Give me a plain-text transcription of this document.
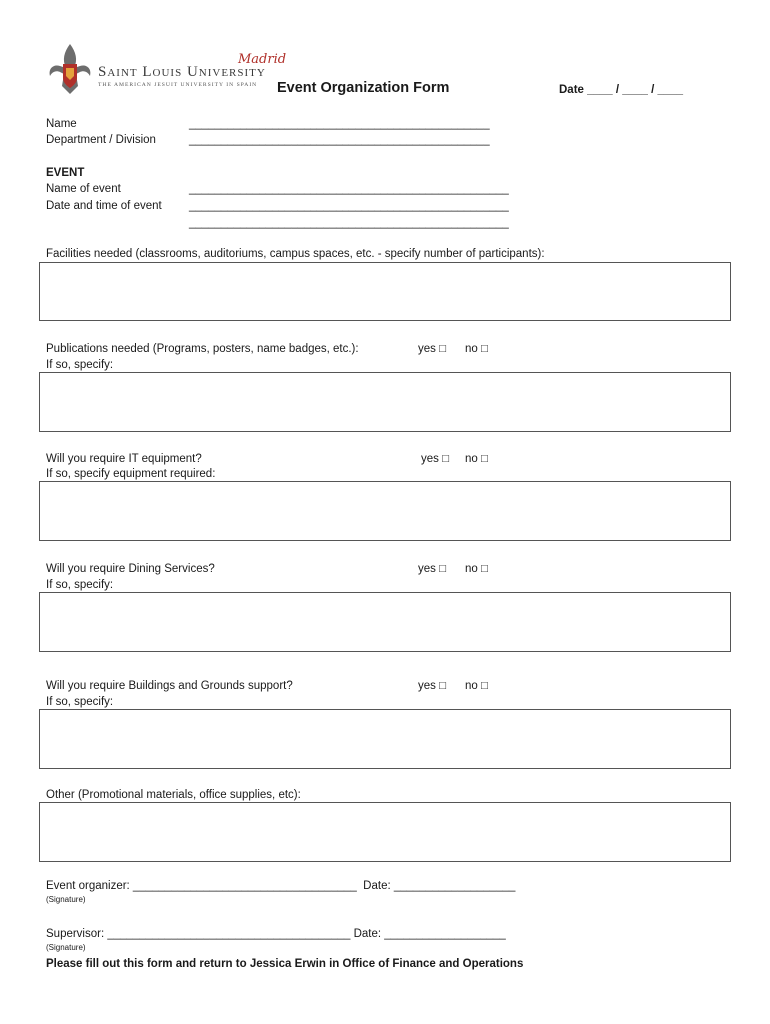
Madrid
Saint Louis University
THE AMERICAN JESUIT UNIVERSITY IN SPAIN Event Organization Form	Date ____ / ____ / ____
Name	_______________________________________________
Department / Division	_______________________________________________
EVENT
Name of event	__________________________________________________
Date and time of event __________________________________________________
__________________________________________________
Facilities needed (classrooms, auditoriums, campus spaces, etc. - specify number of participants):
Publications needed (Programs, posters, name badges, etc.):	yes □ no □
If so, specify:
Will you require IT equipment?	yes □ no □
If so, specify equipment required:
Will you require Dining Services?	yes □ no □
If so, specify:
Will you require Buildings and Grounds support?	yes □ no □
If so, specify:
Other (Promotional materials, office supplies, etc):
Event organizer: ___________________________________  Date: ___________________
(Signature)
Supervisor: ______________________________________ Date: ___________________
(Signature)
Please fill out this form and return to Jessica Erwin in Office of Finance and Operations
